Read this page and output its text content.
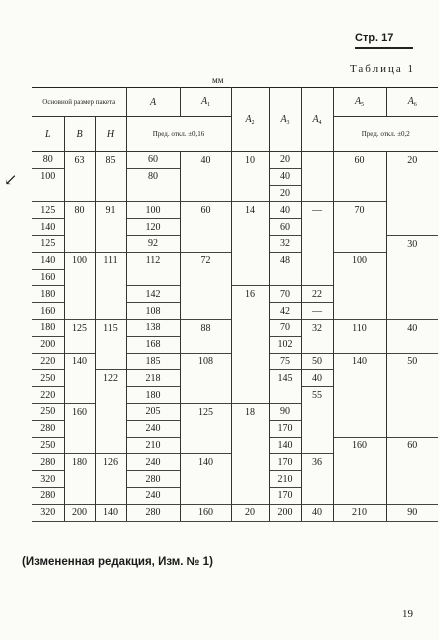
Стр. 17
Таблица 1
мм
↙
Основной размер пакета			A	$A_1$	$A_2$	$A_3$	$A_4$	$A_5$	$A_6$
L	B	H	Пред. откл. ±0,16					Пред. откл. ±0,2	
80	63	85	60	40	10	20		60	20
100			80			40			
						20			
125	80	91	100	60	14	40	—	70	
140			120			60			
125			92			32			30
140	100	111	112	72		48		100	
160									
180			142		16	70	22		
160			108			42	—		
180	125	115	138	88		70	32	110	40
200			168			102			
220	140		185	108		75	50	140	50
250		122	218			145	40		
220			180				55		
250	160		205	125	18	90			
280			240			170			
250			210			140		160	60
280	180	126	240	140		170	36		
320			280			210			
280			240			170			
320	200	140	280	160	20	200	40	210	90
(Измененная редакция, Изм. № 1)
19
